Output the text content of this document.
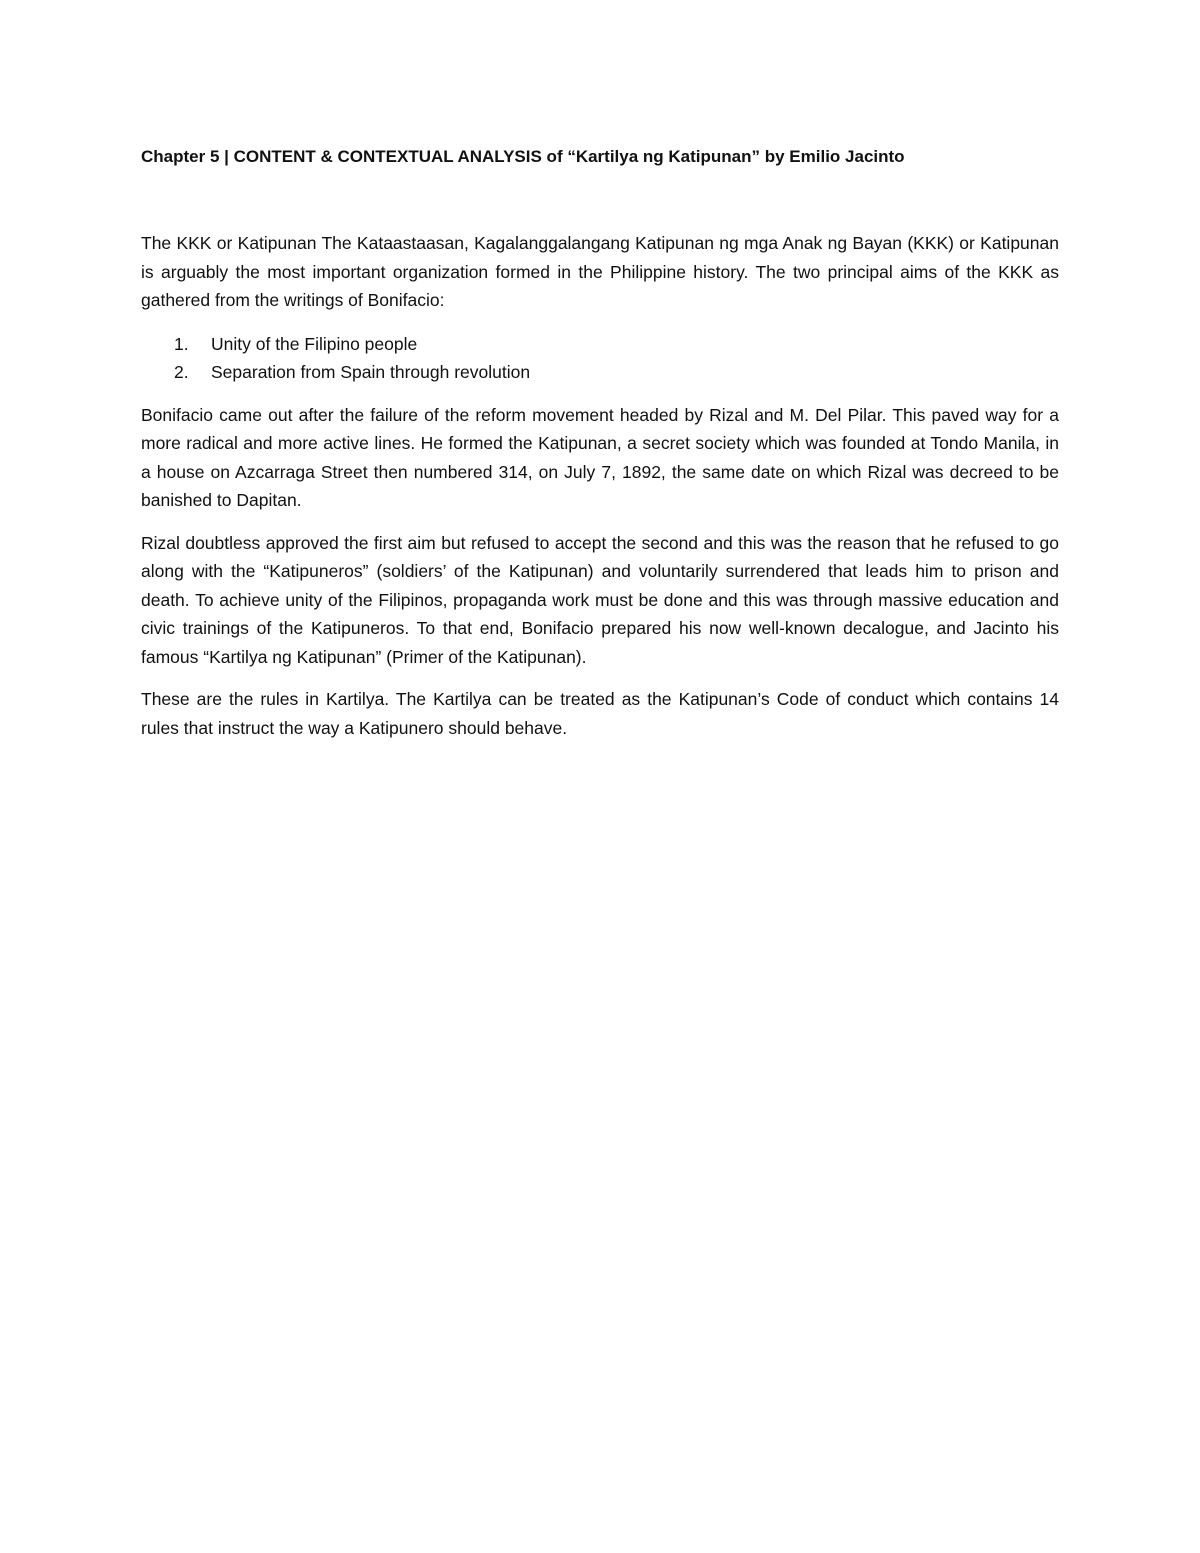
Chapter 5 | CONTENT & CONTEXTUAL ANALYSIS of “Kartilya ng Katipunan” by Emilio Jacinto

The KKK or Katipunan The Kataastaasan, Kagalanggalangang Katipunan ng mga Anak ng Bayan (KKK) or Katipunan is arguably the most important organization formed in the Philippine history. The two principal aims of the KKK as gathered from the writings of Bonifacio:

1. Unity of the Filipino people
2. Separation from Spain through revolution

Bonifacio came out after the failure of the reform movement headed by Rizal and M. Del Pilar. This paved way for a more radical and more active lines. He formed the Katipunan, a secret society which was founded at Tondo Manila, in a house on Azcarraga Street then numbered 314, on July 7, 1892, the same date on which Rizal was decreed to be banished to Dapitan.

Rizal doubtless approved the first aim but refused to accept the second and this was the reason that he refused to go along with the “Katipuneros” (soldiers’ of the Katipunan) and voluntarily surrendered that leads him to prison and death. To achieve unity of the Filipinos, propaganda work must be done and this was through massive education and civic trainings of the Katipuneros. To that end, Bonifacio prepared his now well-known decalogue, and Jacinto his famous “Kartilya ng Katipunan” (Primer of the Katipunan).

These are the rules in Kartilya. The Kartilya can be treated as the Katipunan’s Code of conduct which contains 14 rules that instruct the way a Katipunero should behave.
